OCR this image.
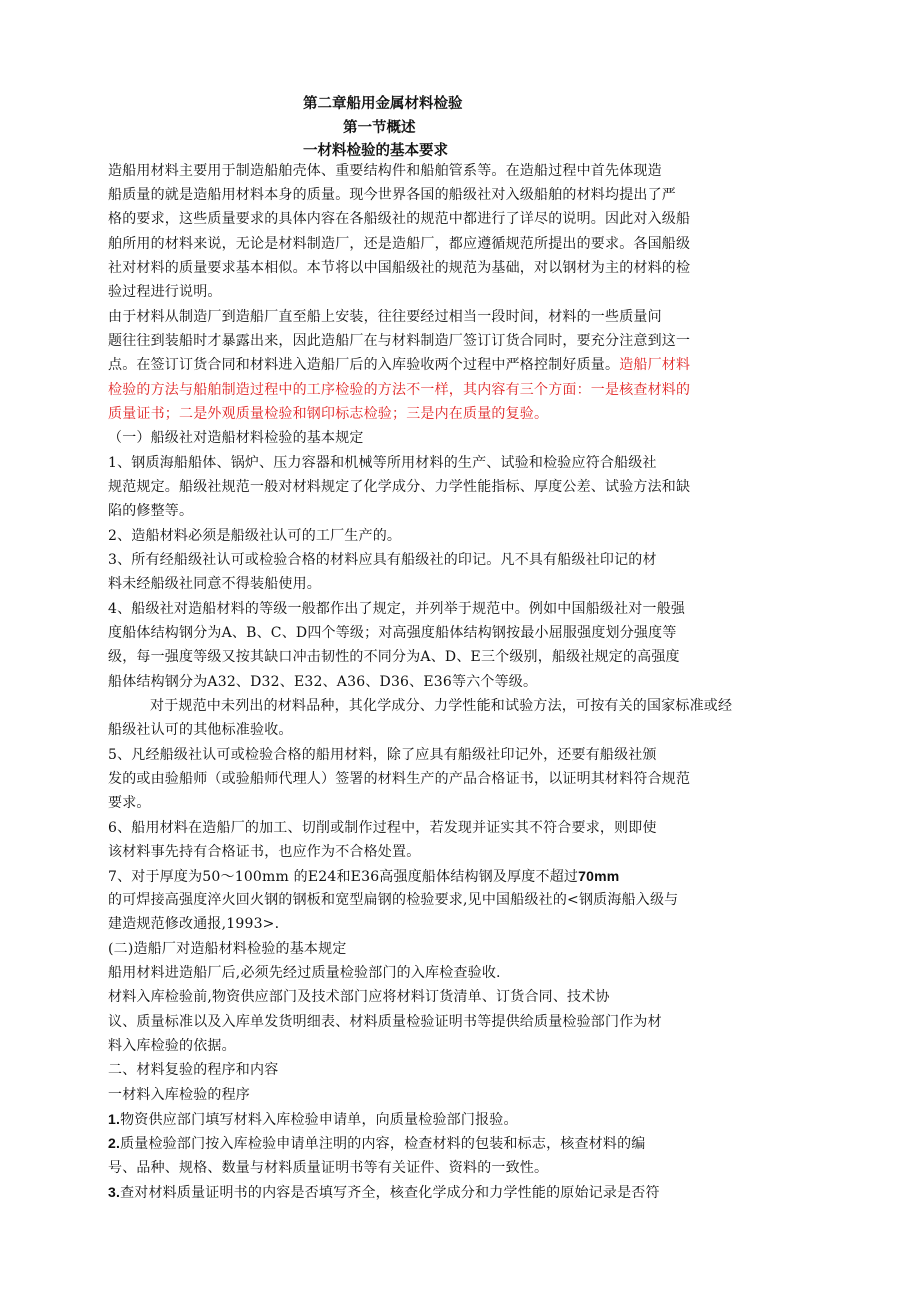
第二章船用金属材料检验
第一节概述
一材料检验的基本要求
造船用材料主要用于制造船舶壳体、重要结构件和船舶管系等。在造船过程中首先体现造
船质量的就是造船用材料本身的质量。现今世界各国的船级社对入级船舶的材料均提出了严
格的要求，这些质量要求的具体内容在各船级社的规范中都进行了详尽的说明。因此对入级船
舶所用的材料来说，无论是材料制造厂，还是造船厂，都应遵循规范所提出的要求。各国船级
社对材料的质量要求基本相似。本节将以中国船级社的规范为基础，对以钢材为主的材料的检
验过程进行说明。
由于材料从制造厂到造船厂直至船上安装，往往要经过相当一段时间，材料的一些质量问
题往往到装船时才暴露出来，因此造船厂在与材料制造厂签订订货合同时，要充分注意到这一
点。在签订订货合同和材料进入造船厂后的入库验收两个过程中严格控制好质量。造船厂材料
检验的方法与船舶制造过程中的工序检验的方法不一样，其内容有三个方面：一是核查材料的
质量证书；二是外观质量检验和钢印标志检验；三是内在质量的复验。
（一）船级社对造船材料检验的基本规定
1、钢质海船船体、锅炉、压力容器和机械等所用材料的生产、试验和检验应符合船级社
规范规定。船级社规范一般对材料规定了化学成分、力学性能指标、厚度公差、试验方法和缺
陷的修整等。
2、造船材料必须是船级社认可的工厂生产的。
3、所有经船级社认可或检验合格的材料应具有船级社的印记。凡不具有船级社印记的材
料未经船级社同意不得装船使用。
4、船级社对造船材料的等级一般都作出了规定，并列举于规范中。例如中国船级社对一般强
度船体结构钢分为A、B、C、D四个等级；对高强度船体结构钢按最小屈服强度划分强度等
级，每一强度等级又按其缺口冲击韧性的不同分为A、D、E三个级别，船级社规定的高强度
船体结构钢分为A32、D32、E32、A36、D36、E36等六个等级。
对于规范中未列出的材料品种，其化学成分、力学性能和试验方法，可按有关的国家标准或经
船级社认可的其他标准验收。
5、凡经船级社认可或检验合格的船用材料，除了应具有船级社印记外，还要有船级社颁
发的或由验船师（或验船师代理人）签署的材料生产的产品合格证书，以证明其材料符合规范
要求。
6、船用材料在造船厂的加工、切削或制作过程中，若发现并证实其不符合要求，则即使
该材料事先持有合格证书，也应作为不合格处置。
7、对于厚度为50～100mm 的E24和E36高强度船体结构钢及厚度不超过70mm
的可焊接高强度淬火回火钢的钢板和宽型扁钢的检验要求,见中国船级社的<钢质海船入级与
建造规范修改通报,1993>.
(二)造船厂对造船材料检验的基本规定
船用材料进造船厂后,必须先经过质量检验部门的入库检查验收.
材料入库检验前,物资供应部门及技术部门应将材料订货清单、订货合同、技术协
议、质量标准以及入库单发货明细表、材料质量检验证明书等提供给质量检验部门作为材
料入库检验的依据。
二、材料复验的程序和内容
一材料入库检验的程序
1.物资供应部门填写材料入库检验申请单，向质量检验部门报验。
2.质量检验部门按入库检验申请单注明的内容，检查材料的包装和标志，核查材料的编
号、品种、规格、数量与材料质量证明书等有关证件、资料的一致性。
3.查对材料质量证明书的内容是否填写齐全，核查化学成分和力学性能的原始记录是否符
